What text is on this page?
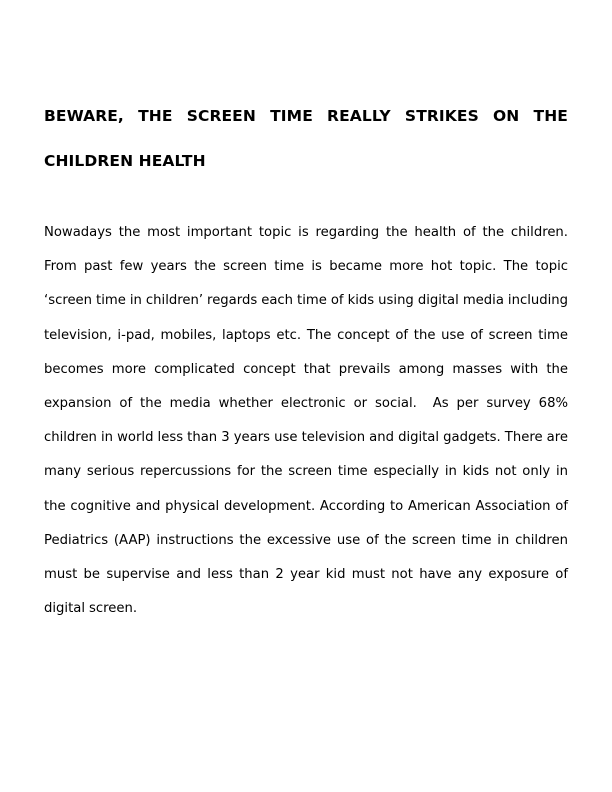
BEWARE, THE SCREEN TIME REALLY STRIKES ON THE CHILDREN HEALTH

Nowadays the most important topic is regarding the health of the children.  From past few years the screen time is became more hot topic. The topic ‘screen time in children’ regards each time of kids using digital media including television, i-pad, mobiles, laptops etc. The concept of the use of screen time becomes more complicated concept that prevails among masses with the expansion of the media whether electronic or social.  As per survey 68% children in world less than 3 years use television and digital gadgets. There are many serious repercussions for the screen time especially in kids not only in the cognitive and physical development. According to American Association of Pediatrics (AAP) instructions the excessive use of the screen time in children must be supervise and less than 2 year kid must not have any exposure of digital screen.
